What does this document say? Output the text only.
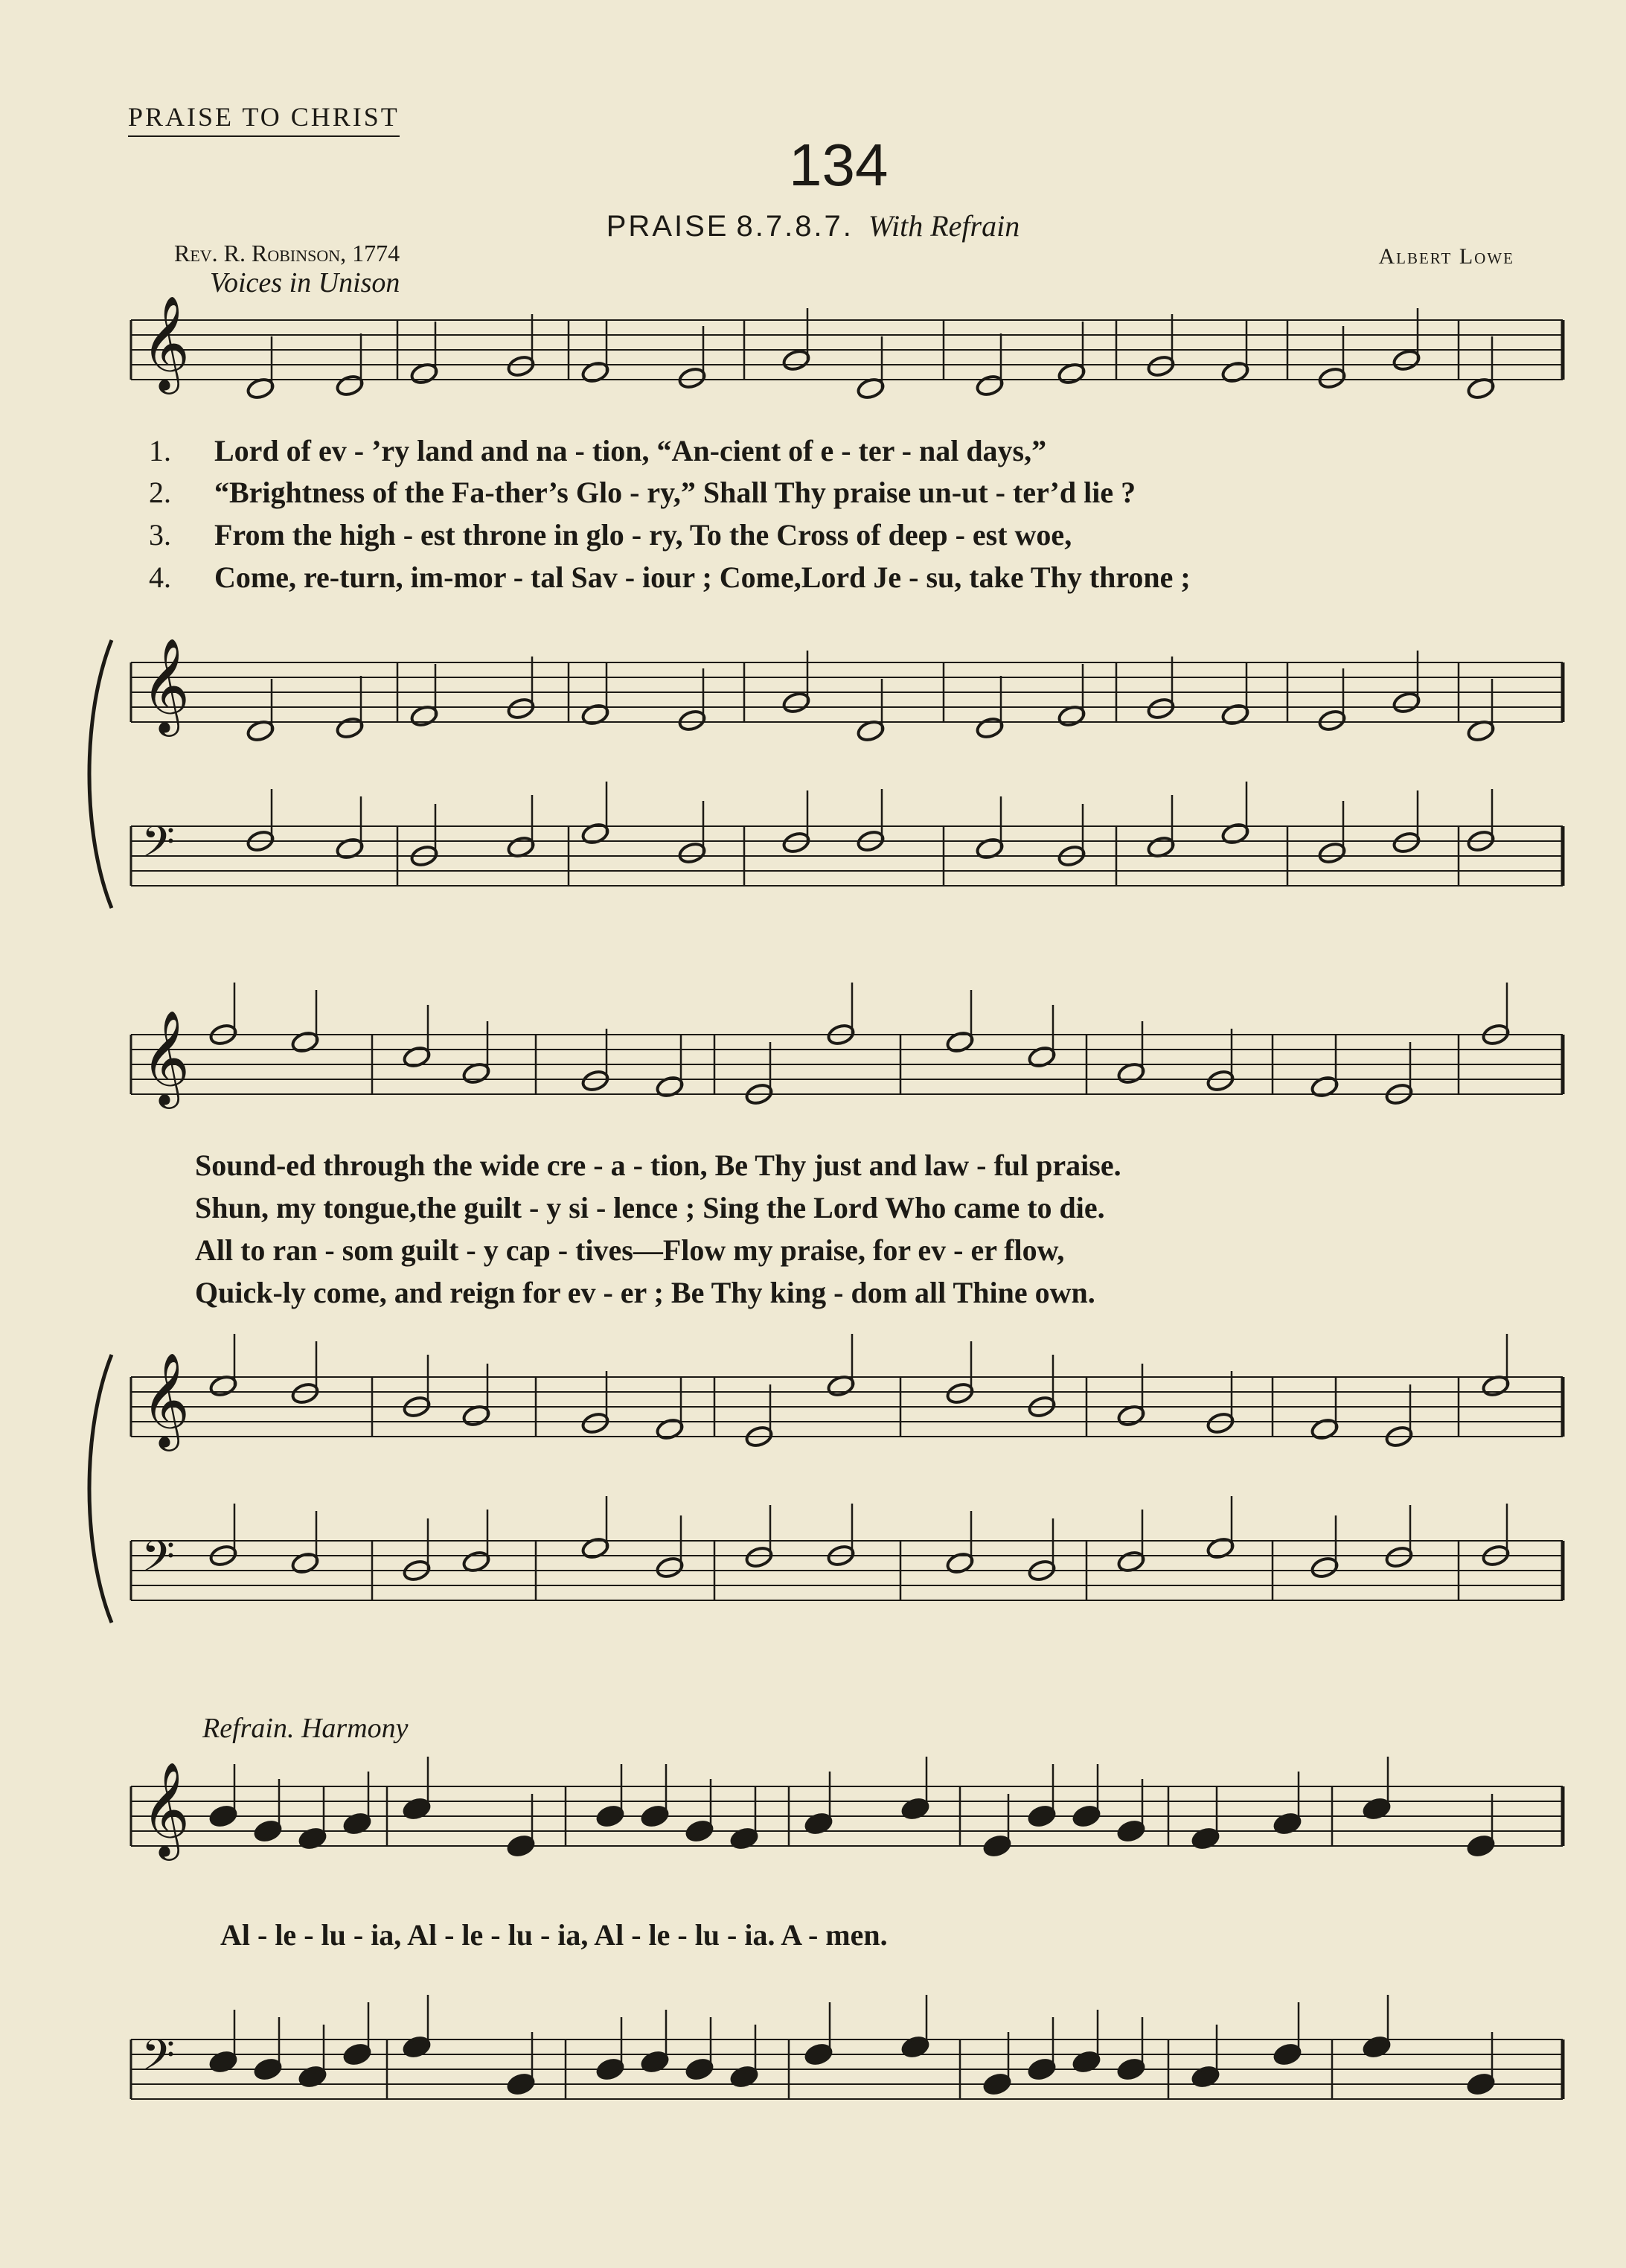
PRAISE TO CHRIST
134
PRAISE 8.7.8.7. With Refrain
Rev. R. Robinson, 1774	Albert Lowe
Voices in Unison
Refrain. Harmony
𝄞
𝄞
𝄢
𝄞
𝄞
𝄢
𝄞
𝄢
1. Lord of ev - ’ry land and na - tion, “An-cient of e - ter - nal days,”
2. “Brightness of the Fa-ther’s Glo - ry,” Shall Thy praise un-ut - ter’d lie ?
3. From the high - est throne in glo - ry, To the Cross of deep - est woe,
4. Come, re-turn, im-mor - tal Sav - iour ; Come,Lord Je - su, take Thy throne ;
Sound-ed through the wide cre - a - tion, Be Thy just and law - ful praise.
Shun, my tongue,the guilt - y si - lence ; Sing the Lord Who came to die.
All to ran - som guilt - y cap - tives—Flow my praise, for ev - er flow,
Quick-ly come, and reign for ev - er ; Be Thy king - dom all Thine own.
Al - le - lu - ia, Al - le - lu - ia, Al - le - lu - ia. A - men.
